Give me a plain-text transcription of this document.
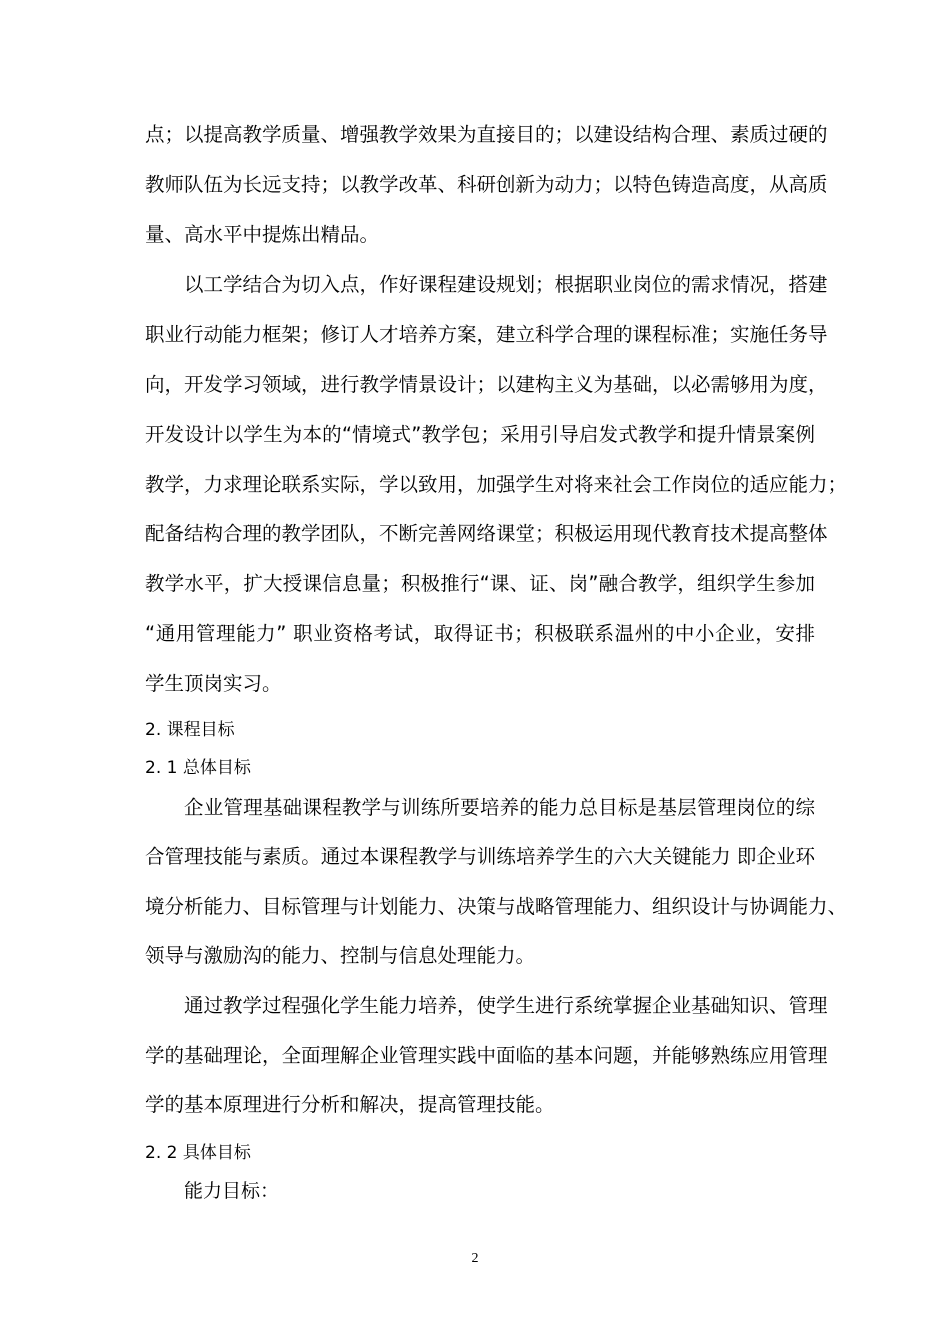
点；以提高教学质量、增强教学效果为直接目的；以建设结构合理、素质过硬的
教师队伍为长远支持；以教学改革、科研创新为动力；以特色铸造高度，从高质
量、高水平中提炼出精品。
以工学结合为切入点，作好课程建设规划；根据职业岗位的需求情况，搭建
职业行动能力框架；修订人才培养方案，建立科学合理的课程标准；实施任务导
向，开发学习领域，进行教学情景设计；以建构主义为基础，以必需够用为度，
开发设计以学生为本的“情境式”教学包；采用引导启发式教学和提升情景案例
教学，力求理论联系实际，学以致用，加强学生对将来社会工作岗位的适应能力；
配备结构合理的教学团队，不断完善网络课堂；积极运用现代教育技术提高整体
教学水平，扩大授课信息量；积极推行“课、证、岗”融合教学，组织学生参加
“通用管理能力” 职业资格考试，取得证书；积极联系温州的中小企业，安排
学生顶岗实习。
2. 课程目标
2. 1 总体目标
企业管理基础课程教学与训练所要培养的能力总目标是基层管理岗位的综
合管理技能与素质。通过本课程教学与训练培养学生的六大关键能力 即企业环
境分析能力、目标管理与计划能力、决策与战略管理能力、组织设计与协调能力、
领导与激励沟的能力、控制与信息处理能力。
通过教学过程强化学生能力培养，使学生进行系统掌握企业基础知识、管理
学的基础理论，全面理解企业管理实践中面临的基本问题，并能够熟练应用管理
学的基本原理进行分析和解决，提高管理技能。
2. 2 具体目标
能力目标：
2
